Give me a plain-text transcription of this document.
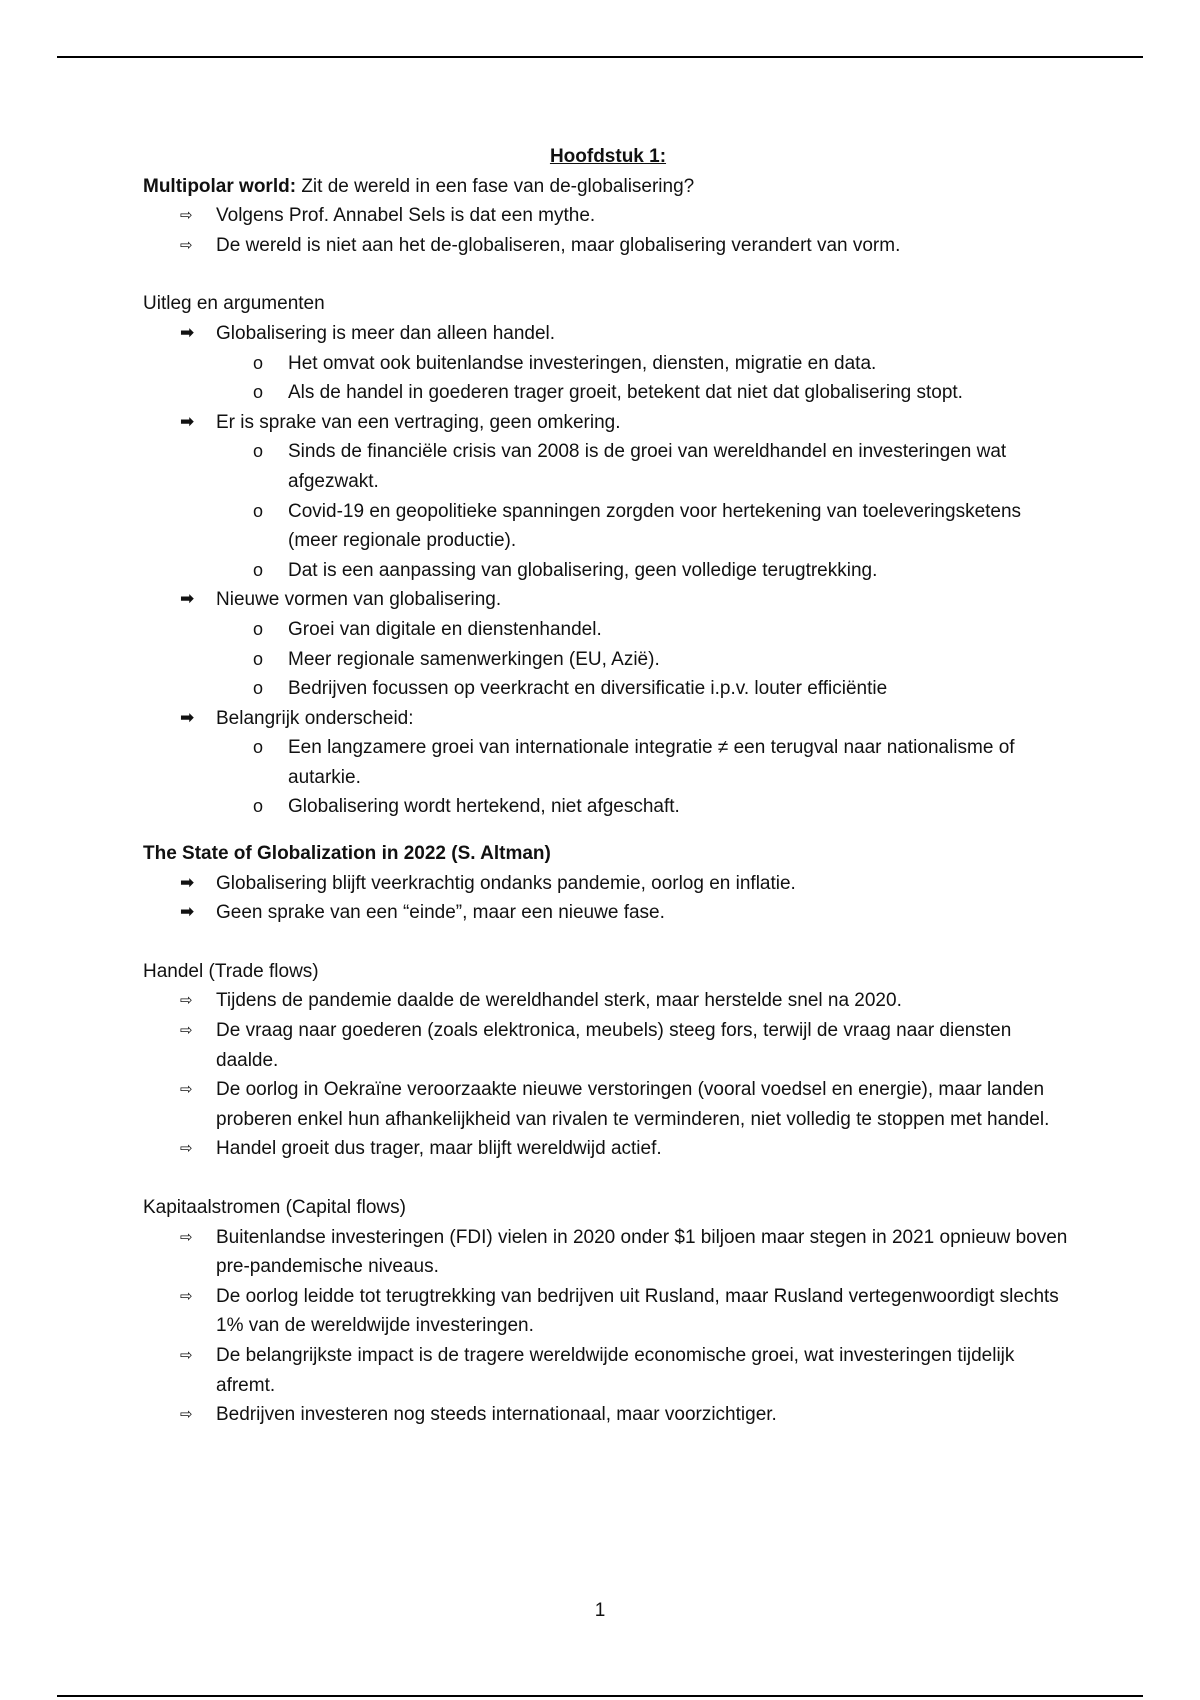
Hoofdstuk 1:

Multipolar world: Zit de wereld in een fase van de-globalisering?

⇨	Volgens Prof. Annabel Sels is dat een mythe.
⇨	De wereld is niet aan het de-globaliseren, maar globalisering verandert van vorm.

Uitleg en argumenten

➡	Globalisering is meer dan alleen handel.
o Het omvat ook buitenlandse investeringen, diensten, migratie en data.
o Als de handel in goederen trager groeit, betekent dat niet dat globalisering stopt.
➡	Er is sprake van een vertraging, geen omkering.
o Sinds de financiële crisis van 2008 is de groei van wereldhandel en investeringen wat afgezwakt.
o Covid-19 en geopolitieke spanningen zorgden voor hertekening van toeleveringsketens (meer regionale productie).
o Dat is een aanpassing van globalisering, geen volledige terugtrekking.
➡	Nieuwe vormen van globalisering.
o Groei van digitale en dienstenhandel.
o Meer regionale samenwerkingen (EU, Azië).
o Bedrijven focussen op veerkracht en diversificatie i.p.v. louter efficiëntie
➡	Belangrijk onderscheid:
o Een langzamere groei van internationale integratie ≠ een terugval naar nationalisme of autarkie.
o Globalisering wordt hertekend, niet afgeschaft.

The State of Globalization in 2022 (S. Altman)

➡	Globalisering blijft veerkrachtig ondanks pandemie, oorlog en inflatie.
➡	Geen sprake van een “einde”, maar een nieuwe fase.

Handel (Trade flows)

⇨	Tijdens de pandemie daalde de wereldhandel sterk, maar herstelde snel na 2020.
⇨	De vraag naar goederen (zoals elektronica, meubels) steeg fors, terwijl de vraag naar diensten daalde.
⇨	De oorlog in Oekraïne veroorzaakte nieuwe verstoringen (vooral voedsel en energie), maar landen proberen enkel hun afhankelijkheid van rivalen te verminderen, niet volledig te stoppen met handel.
⇨	Handel groeit dus trager, maar blijft wereldwijd actief.

Kapitaalstromen (Capital flows)

⇨	Buitenlandse investeringen (FDI) vielen in 2020 onder $1 biljoen maar stegen in 2021 opnieuw boven pre-pandemische niveaus.
⇨	De oorlog leidde tot terugtrekking van bedrijven uit Rusland, maar Rusland vertegenwoordigt slechts 1% van de wereldwijde investeringen.
⇨	De belangrijkste impact is de tragere wereldwijde economische groei, wat investeringen tijdelijk afremt.
⇨	Bedrijven investeren nog steeds internationaal, maar voorzichtiger.
1
